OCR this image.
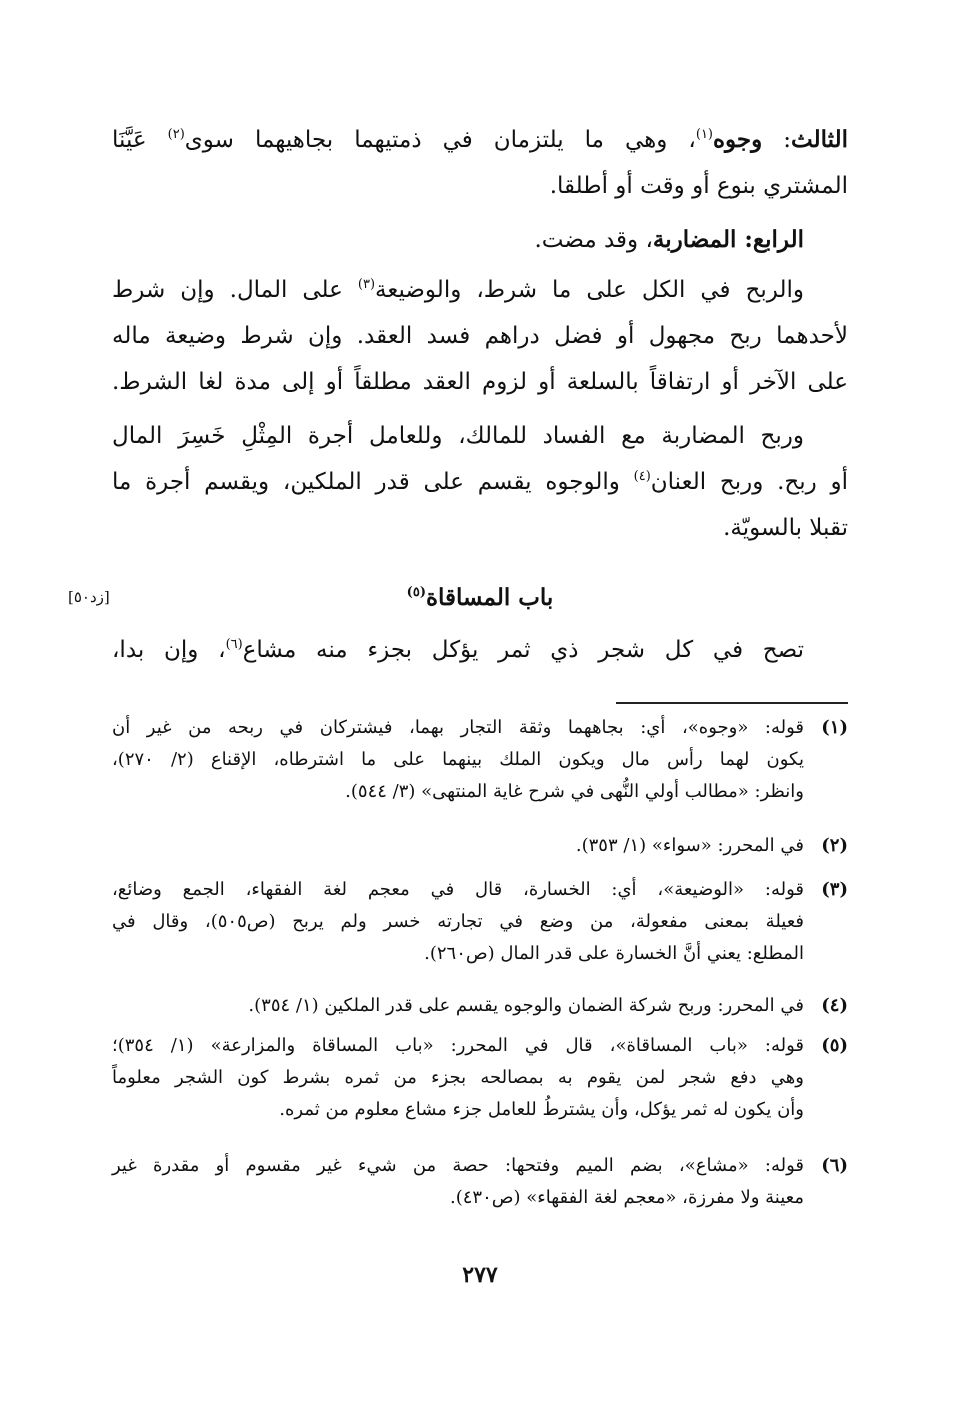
الثالث: وجوه$^{(١)}$، وهي ما يلتزمان في ذمتيهما بجاهيهما سوى$^{(٢)}$ عَيَّنَا
المشتري بنوع أو وقت أو أطلقا.
الرابع: المضاربة، وقد مضت.
والربح في الكل على ما شرط، والوضيعة$^{(٣)}$ على المال. وإن شرط
لأحدهما ربح مجهول أو فضل دراهم فسد العقد. وإن شرط وضيعة ماله
على الآخر أو ارتفاقاً بالسلعة أو لزوم العقد مطلقاً أو إلى مدة لغا الشرط.
وربح المضاربة مع الفساد للمالك، وللعامل أجرة المِثْلِ خَسِرَ المال
أو ربح. وربح العنان$^{(٤)}$ والوجوه يقسم على قدر الملكين، ويقسم أجرة ما
تقبلا بالسويّة.
باب المساقاة$^{(٥)}$
[زد٥٠]
تصح في كل شجر ذي ثمر يؤكل بجزء منه مشاع$^{(٦)}$، وإن بدا،
(١)
قوله: «وجوه»، أي: بجاههما وثقة التجار بهما، فيشتركان في ربحه من غير أن
يكون لهما رأس مال ويكون الملك بينهما على ما اشترطاه، الإقناع (٢/ ٢٧٠)،
وانظر: «مطالب أولي النُّهى في شرح غاية المنتهى» (٣/ ٥٤٤).
(٢)
في المحرر: «سواء» (١/ ٣٥٣).
(٣)
قوله: «الوضيعة»، أي: الخسارة، قال في معجم لغة الفقهاء، الجمع وضائع،
فعيلة بمعنى مفعولة، من وضع في تجارته خسر ولم يربح (ص٥٠٥)، وقال في
المطلع: يعني أنَّ الخسارة على قدر المال (ص٢٦٠).
(٤)
في المحرر: وربح شركة الضمان والوجوه يقسم على قدر الملكين (١/ ٣٥٤).
(٥)
قوله: «باب المساقاة»، قال في المحرر: «باب المساقاة والمزارعة» (١/ ٣٥٤)؛
وهي دفع شجر لمن يقوم به بمصالحه بجزء من ثمره بشرط كون الشجر معلوماً
وأن يكون له ثمر يؤكل، وأن يشترطُ للعامل جزء مشاع معلوم من ثمره.
(٦)
قوله: «مشاع»، بضم الميم وفتحها: حصة من شيء غير مقسوم أو مقدرة غير
معينة ولا مفرزة، «معجم لغة الفقهاء» (ص٤٣٠).
٢٧٧
